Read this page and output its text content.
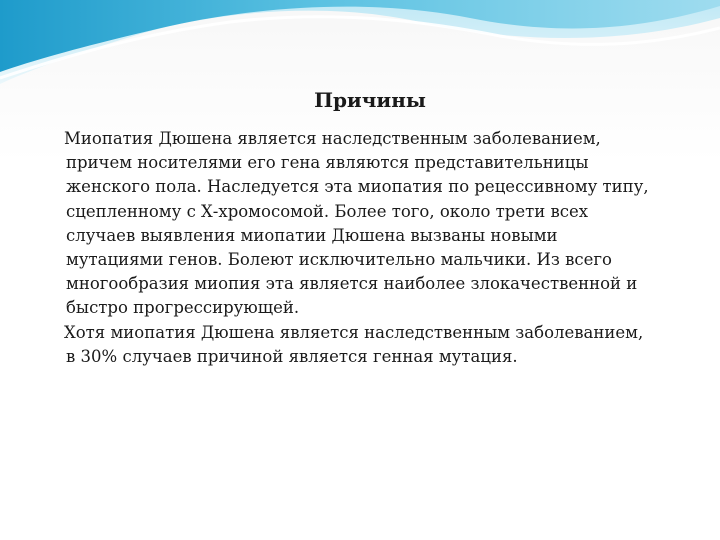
Причины

Миопатия Дюшена является наследственным заболеванием,
причем носителями его гена являются представительницы
женского пола. Наследуется эта миопатия по рецессивному типу,
сцепленному с Х-хромосомой. Более того, около трети всех
случаев выявления миопатии Дюшена вызваны новыми
мутациями генов. Болеют исключительно мальчики. Из всего
многообразия миопия эта является наиболее злокачественной и
быстро прогрессирующей.

Хотя миопатия Дюшена является наследственным заболеванием,
в 30% случаев причиной является генная мутация.
